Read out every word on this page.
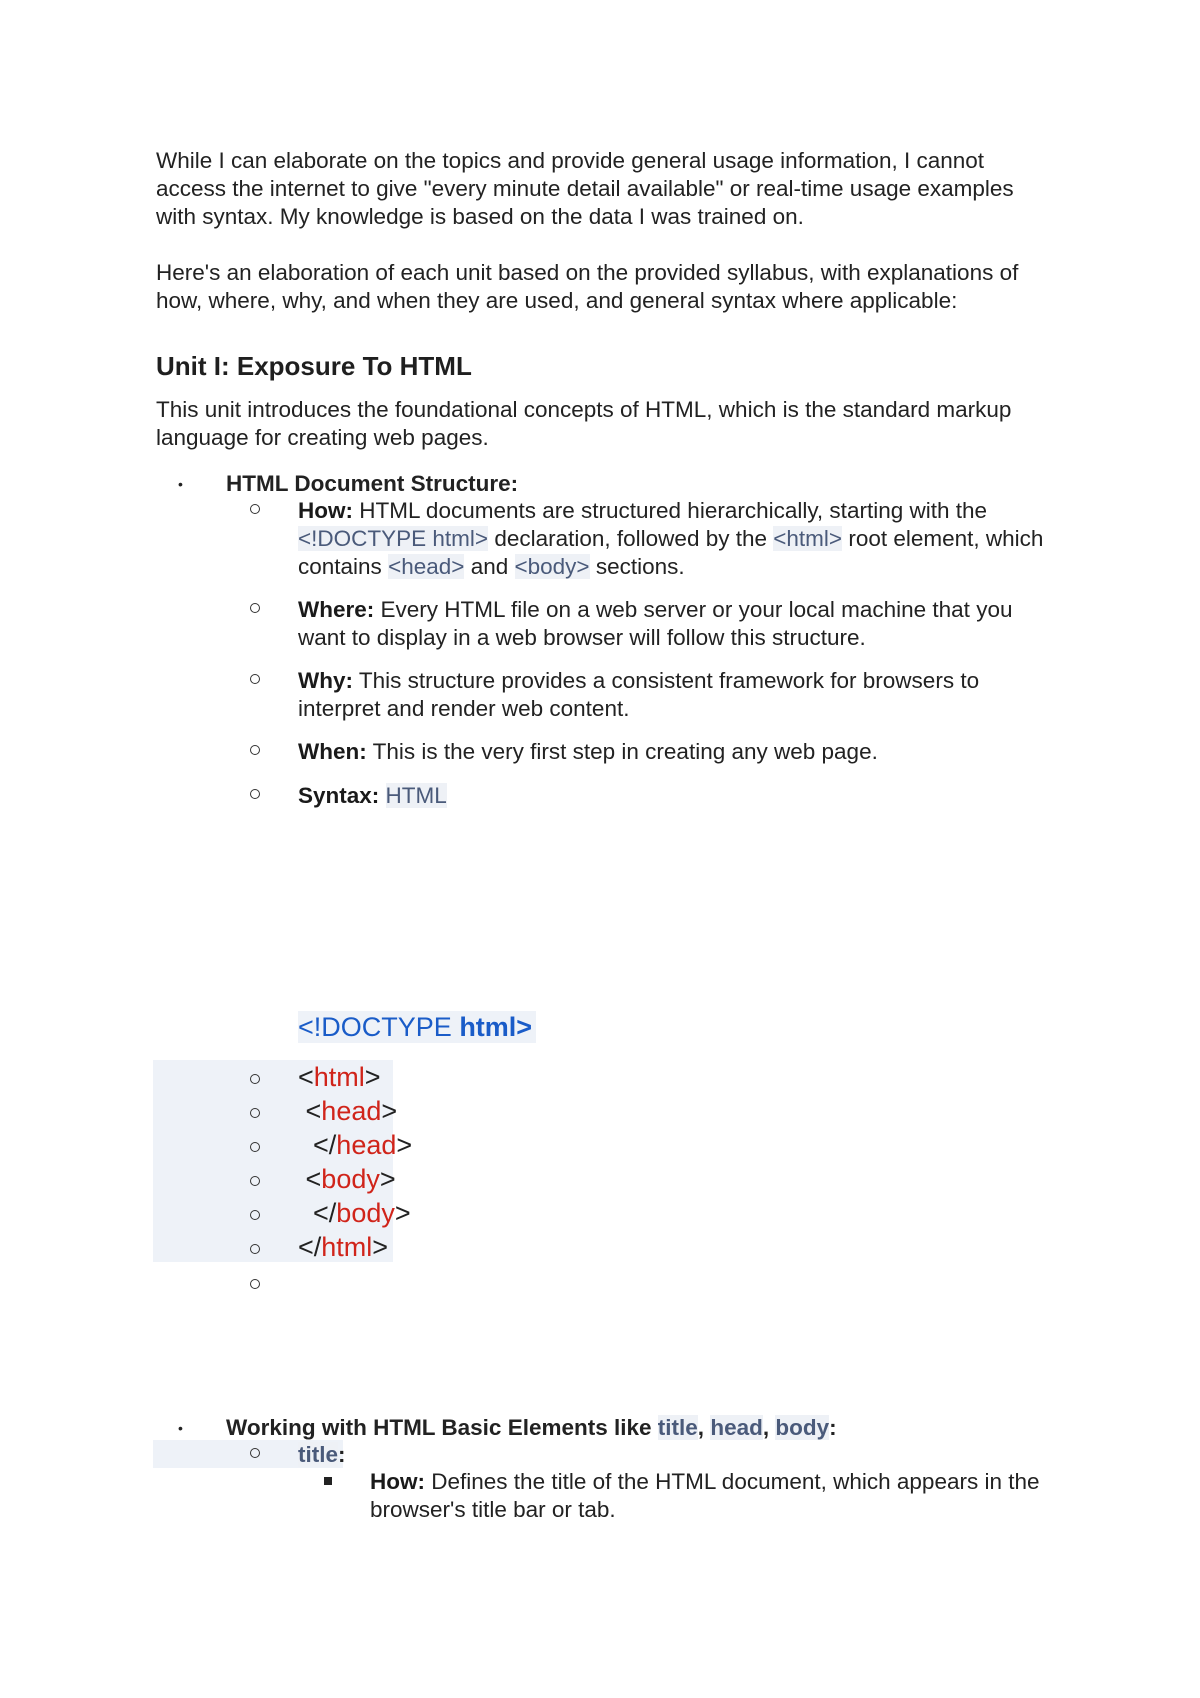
While I can elaborate on the topics and provide general usage information, I cannot access the internet to give "every minute detail available" or real-time usage examples with syntax. My knowledge is based on the data I was trained on.

Here's an elaboration of each unit based on the provided syllabus, with explanations of how, where, why, and when they are used, and general syntax where applicable:

Unit I: Exposure To HTML

This unit introduces the foundational concepts of HTML, which is the standard markup language for creating web pages.

• HTML Document Structure:
How: HTML documents are structured hierarchically, starting with the <!DOCTYPE html> declaration, followed by the <html> root element, which contains <head> and <body> sections.
Where: Every HTML file on a web server or your local machine that you want to display in a web browser will follow this structure.
Why: This structure provides a consistent framework for browsers to interpret and render web content.
When: This is the very first step in creating any web page.
Syntax: HTML
<!DOCTYPE html>
<html>
<head>
</head>
<body>
</body>
</html>
• Working with HTML Basic Elements like title, head, body:
title:
How: Defines the title of the HTML document, which appears in the browser's title bar or tab.
